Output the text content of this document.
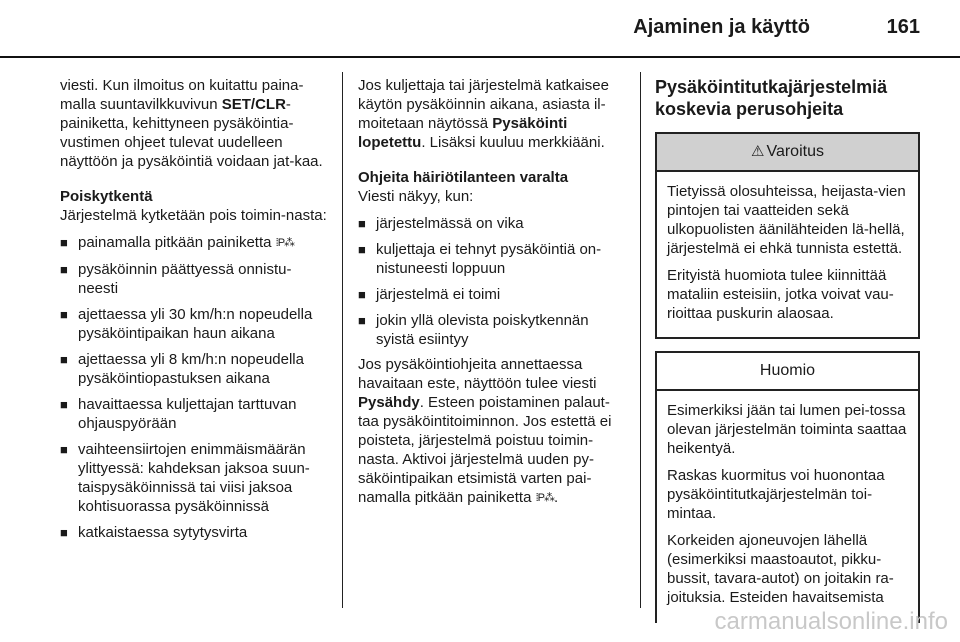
Ajaminen ja käyttö	161

viesti. Kun ilmoitus on kuitattu paina-malla suuntavilkkuvivun SET/CLR-painiketta, kehittyneen pysäköintia-vustimen ohjeet tulevat uudelleen näyttöön ja pysäköintiä voidaan jat-kaa.

Poiskytkentä

Järjestelmä kytketään pois toimin-nasta:

■ painamalla pitkään painiketta ⁞P⁂
■ pysäköinnin päättyessä onnistu-neesti
■ ajettaessa yli 30 km/h:n nopeudella pysäköintipaikan haun aikana
■ ajettaessa yli 8 km/h:n nopeudella pysäköintiopastuksen aikana
■ havaittaessa kuljettajan tarttuvan ohjauspyörään
■ vaihteensiirtojen enimmäismäärän ylittyessä: kahdeksan jaksoa suun-taispysäköinnissä tai viisi jaksoa kohtisuorassa pysäköinnissä
■ katkaistaessa sytytysvirta

Jos kuljettaja tai järjestelmä katkaisee käytön pysäköinnin aikana, asiasta il-moitetaan näytössä Pysäköinti lopetettu. Lisäksi kuuluu merkkiääni.

Ohjeita häiriötilanteen varalta

Viesti näkyy, kun:

■ järjestelmässä on vika
■ kuljettaja ei tehnyt pysäköintiä on-nistuneesti loppuun
■ järjestelmä ei toimi
■ jokin yllä olevista poiskytkennän syistä esiintyy

Jos pysäköintiohjeita annettaessa havaitaan este, näyttöön tulee viesti Pysähdy. Esteen poistaminen palaut-taa pysäköintitoiminnon. Jos estettä ei poisteta, järjestelmä poistuu toimin-nasta. Aktivoi järjestelmä uuden py-säköintipaikan etsimistä varten pai-namalla pitkään painiketta ⁞P⁂.

Pysäköintitutkajärjestelmiä koskevia perusohjeita
⚠ Varoitus

Tietyissä olosuhteissa, heijasta-vien pintojen tai vaatteiden sekä ulkopuolisten äänilähteiden lä-hellä, järjestelmä ei ehkä tunnista estettä.

Erityistä huomiota tulee kiinnittää mataliin esteisiin, jotka voivat vau-rioittaa puskurin alaosaa.

Huomio

Esimerkiksi jään tai lumen pei-tossa olevan järjestelmän toiminta saattaa heikentyä.

Raskas kuormitus voi huonontaa pysäköintitutkajärjestelmän toi-mintaa.

Korkeiden ajoneuvojen lähellä (esimerkiksi maastoautot, pikku-bussit, tavara-autot) on joitakin ra-joituksia. Esteiden havaitsemista

carmanualsonline.info
